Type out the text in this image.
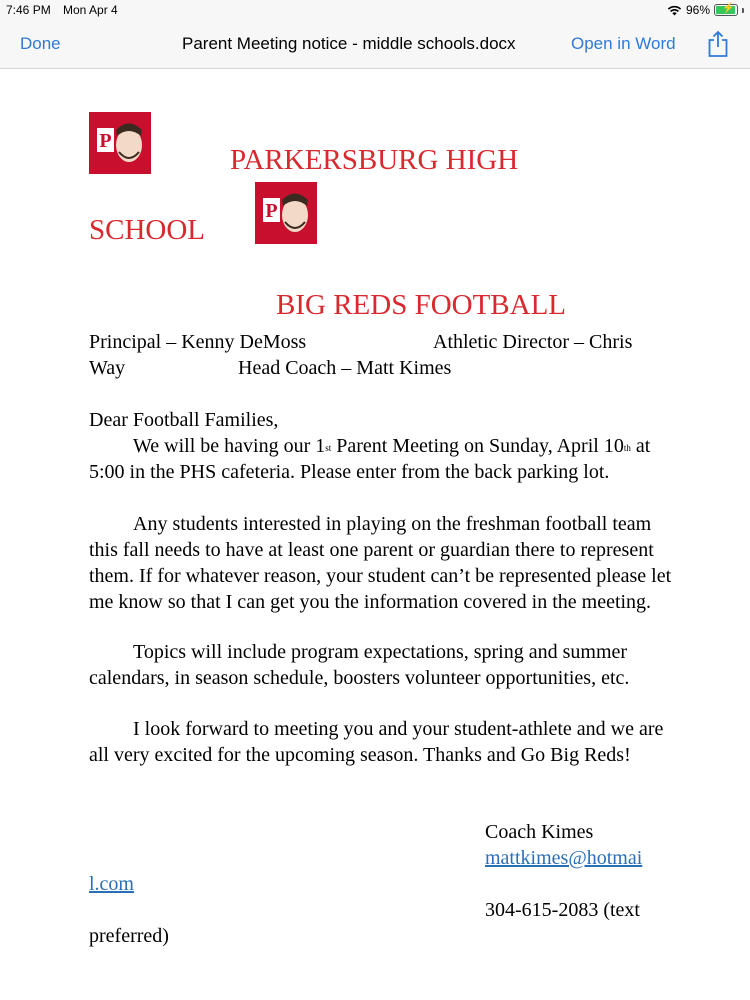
7:46 PM Mon Apr 4	96% ⚡
Done	Parent Meeting notice - middle schools.docx	Open in Word
P
PARKERSBURG HIGH
SCHOOL
P
BIG REDS FOOTBALL
Principal – Kenny DeMoss	Athletic Director – Chris
Way	Head Coach – Matt Kimes
Dear Football Families,
We will be having our 1st Parent Meeting on Sunday, April 10th at 5:00 in the PHS cafeteria. Please enter from the back parking lot.
Any students interested in playing on the freshman football team this fall needs to have at least one parent or guardian there to represent them. If for whatever reason, your student can’t be represented please let me know so that I can get you the information covered in the meeting.
Topics will include program expectations, spring and summer calendars, in season schedule, boosters volunteer opportunities, etc.
I look forward to meeting you and your student-athlete and we are all very excited for the upcoming season. Thanks and Go Big Reds!
Coach Kimes
mattkimes@hotmai
l.com
304-615-2083 (text
preferred)
